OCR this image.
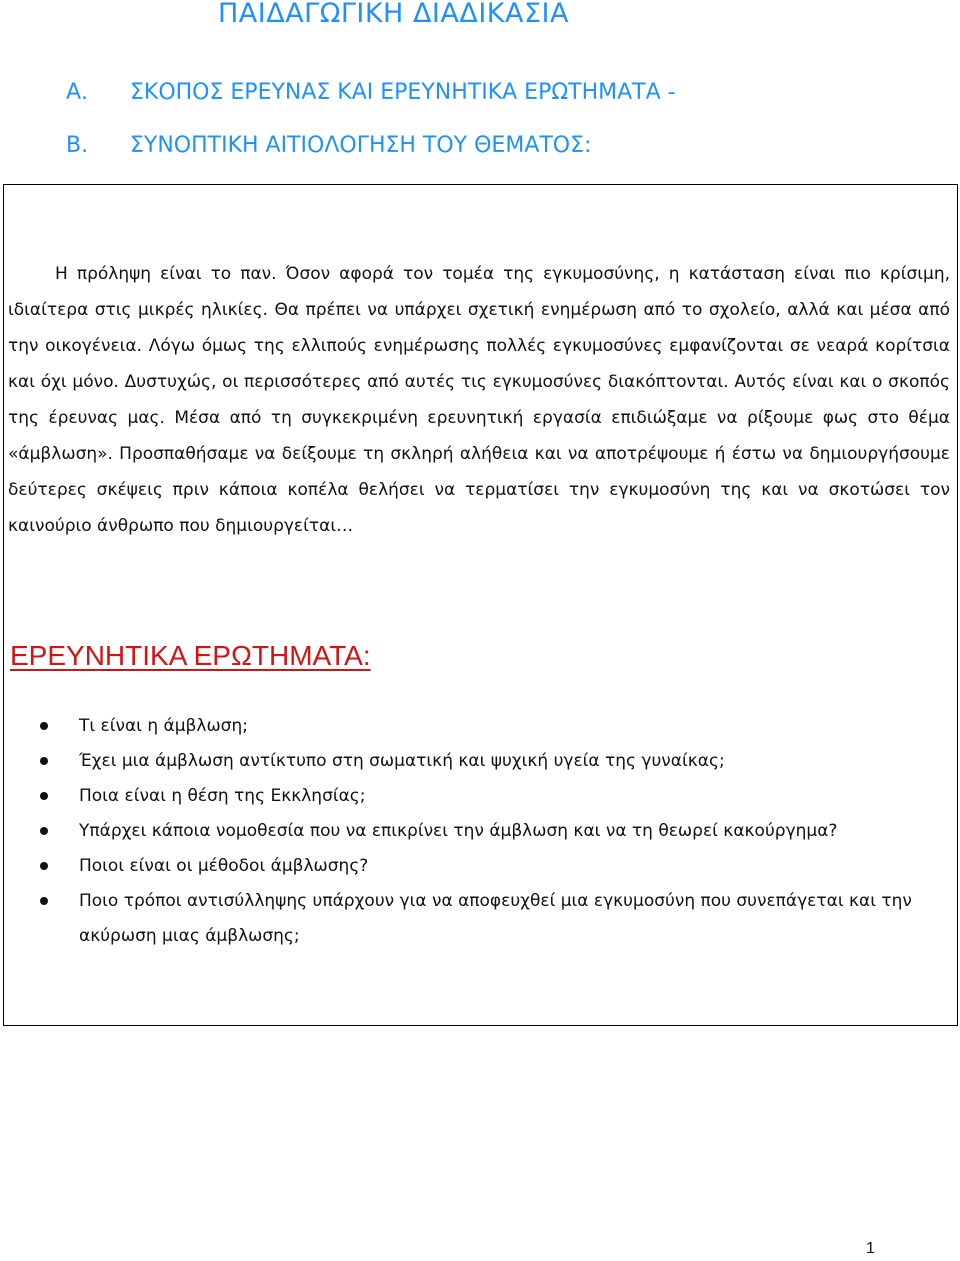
ΠΑΙΔΑΓΩΓΙΚΗ ΔΙΑΔΙΚΑΣΙΑ
Α. ΣΚΟΠΟΣ ΕΡΕΥΝΑΣ ΚΑΙ ΕΡΕΥΝΗΤΙΚΑ ΕΡΩΤΗΜΑΤΑ -
Β. ΣΥΝΟΠΤΙΚΗ ΑΙΤΙΟΛΟΓΗΣΗ ΤΟΥ ΘΕΜΑΤΟΣ:

Η πρόληψη είναι το παν. Όσον αφορά τον τομέα της εγκυμοσύνης, η κατάσταση είναι πιο κρίσιμη, ιδιαίτερα στις μικρές ηλικίες. Θα πρέπει να υπάρχει σχετική ενημέρωση από το σχολείο, αλλά και μέσα από την οικογένεια. Λόγω όμως της ελλιπούς ενημέρωσης πολλές εγκυμοσύνες εμφανίζονται σε νεαρά κορίτσια και όχι μόνο. Δυστυχώς, οι περισσότερες από αυτές τις εγκυμοσύνες διακόπτονται. Αυτός είναι και ο σκοπός της έρευνας μας. Μέσα από τη συγκεκριμένη ερευνητική εργασία επιδιώξαμε να ρίξουμε φως στο θέμα «άμβλωση». Προσπαθήσαμε να δείξουμε τη σκληρή αλήθεια και να αποτρέψουμε ή έστω να δημιουργήσουμε δεύτερες σκέψεις πριν κάποια κοπέλα θελήσει να τερματίσει την εγκυμοσύνη της και να σκοτώσει τον καινούριο άνθρωπο που δημιουργείται…

ΕΡΕΥΝΗΤΙΚΑ ΕΡΩΤΗΜΑΤΑ:
Τι είναι η άμβλωση;
Έχει μια άμβλωση αντίκτυπο στη σωματική και ψυχική υγεία της γυναίκας;
Ποια είναι η θέση της Εκκλησίας;
Υπάρχει κάποια νομοθεσία που να επικρίνει την άμβλωση και να τη θεωρεί κακούργημα?
Ποιοι είναι οι μέθοδοι άμβλωσης?
Ποιο τρόποι αντισύλληψης υπάρχουν για να αποφευχθεί μια εγκυμοσύνη που συνεπάγεται και την ακύρωση μιας άμβλωσης;
1
